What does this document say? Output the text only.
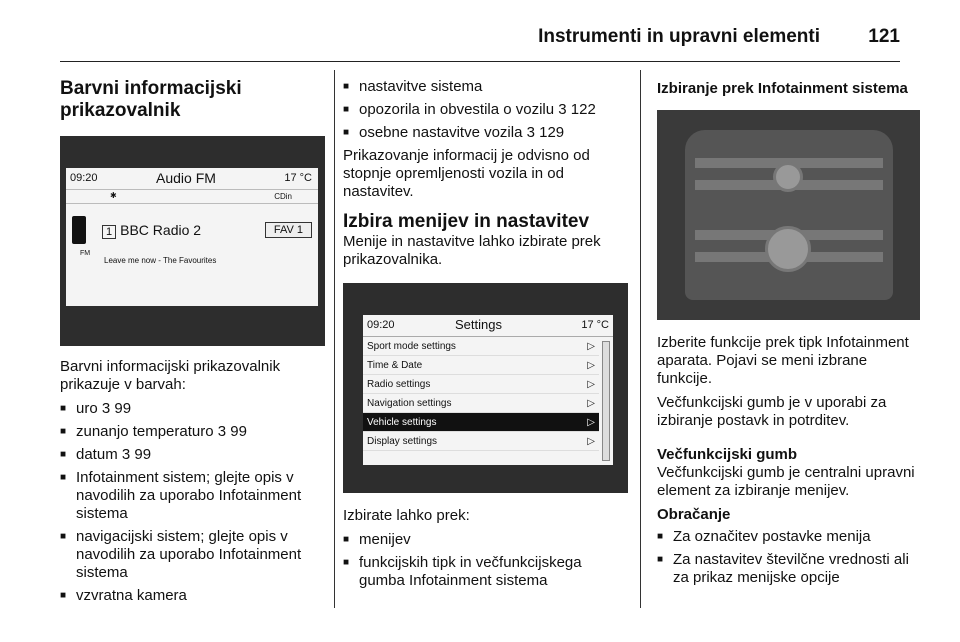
Instrumenti in upravni elementi	121
Barvni informacijski prikazovalnik
09:20	Audio FM	17 °C
✱	CDin
1 BBC Radio 2	FAV 1
FM
Leave me now - The Favourites

Barvni informacijski prikazovalnik prikazuje v barvah:

■ uro 3 99
■ zunanjo temperaturo 3 99
■ datum 3 99
■ Infotainment sistem; glejte opis v navodilih za uporabo Infotainment sistema
■ navigacijski sistem; glejte opis v navodilih za uporabo Infotainment sistema
■ vzvratna kamera
■ nastavitve sistema
■ opozorila in obvestila o vozilu 3 122
■ osebne nastavitve vozila 3 129

Prikazovanje informacij je odvisno od stopnje opremljenosti vozila in od nastavitev.

Izbira menijev in nastavitev

Menije in nastavitve lahko izbirate prek prikazovalnika.

09:20	Settings	17 °C
Sport mode settings	▷
Time & Date	▷
Radio settings	▷
Navigation settings	▷
Vehicle settings	▷
Display settings	▷

Izbirate lahko prek:

■ menijev
■ funkcijskih tipk in večfunkcijskega gumba Infotainment sistema
Izbiranje prek Infotainment sistema

Izberite funkcije prek tipk Infotainment aparata. Pojavi se meni izbrane funkcije.

Večfunkcijski gumb je v uporabi za izbiranje postavk in potrditev.

Večfunkcijski gumb

Večfunkcijski gumb je centralni upravni element za izbiranje menijev.

Obračanje
■ Za označitev postavke menija
■ Za nastavitev številčne vrednosti ali za prikaz menijske opcije
